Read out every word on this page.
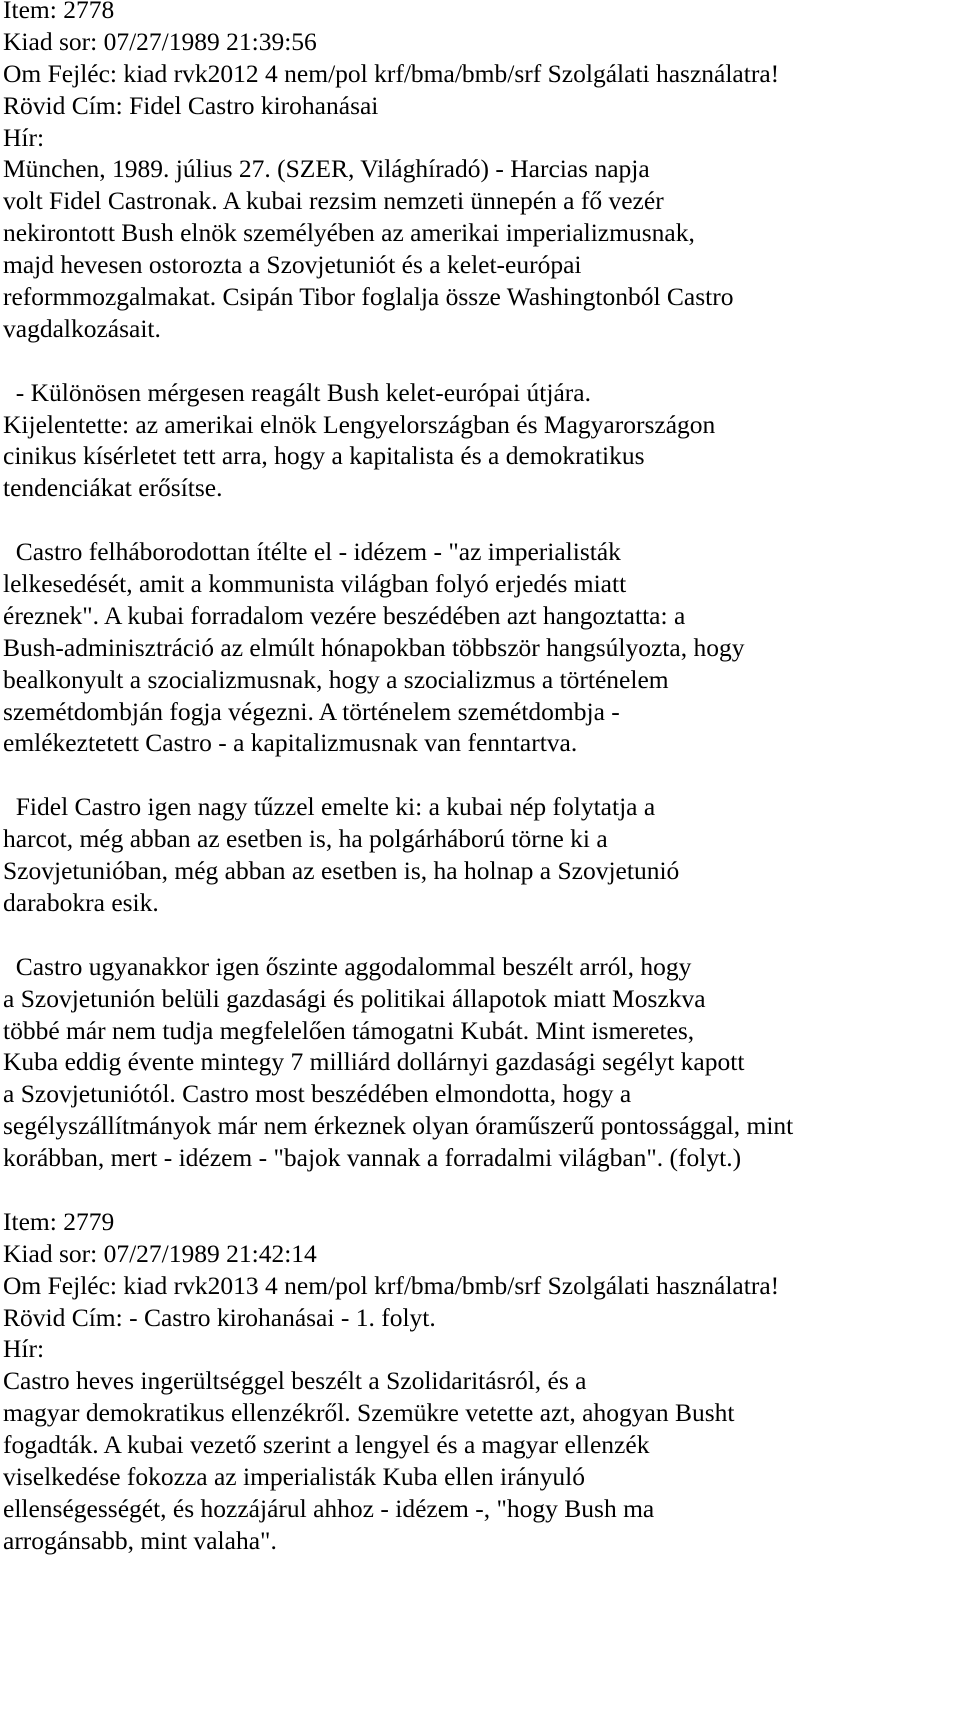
Item: 2778
Kiad sor: 07/27/1989 21:39:56
Om Fejléc: kiad rvk2012 4 nem/pol krf/bma/bmb/srf Szolgálati használatra!
Rövid Cím: Fidel Castro kirohanásai
Hír:
München, 1989. július 27. (SZER, Világhíradó) - Harcias napja
volt Fidel Castronak. A kubai rezsim nemzeti ünnepén a fő vezér
nekirontott Bush elnök személyében az amerikai imperializmusnak,
majd hevesen ostorozta a Szovjetuniót és a kelet-európai
reformmozgalmakat. Csipán Tibor foglalja össze Washingtonból Castro
vagdalkozásait.
- Különösen mérgesen reagált Bush kelet-európai útjára.
Kijelentette: az amerikai elnök Lengyelországban és Magyarországon
cinikus kísérletet tett arra, hogy a kapitalista és a demokratikus
tendenciákat erősítse.
Castro felháborodottan ítélte el - idézem - "az imperialisták
lelkesedését, amit a kommunista világban folyó erjedés miatt
éreznek". A kubai forradalom vezére beszédében azt hangoztatta: a
Bush-adminisztráció az elmúlt hónapokban többször hangsúlyozta, hogy
bealkonyult a szocializmusnak, hogy a szocializmus a történelem
szemétdombján fogja végezni. A történelem szemétdombja -
emlékeztetett Castro - a kapitalizmusnak van fenntartva.
Fidel Castro igen nagy tűzzel emelte ki: a kubai nép folytatja a
harcot, még abban az esetben is, ha polgárháború törne ki a
Szovjetunióban, még abban az esetben is, ha holnap a Szovjetunió
darabokra esik.
Castro ugyanakkor igen őszinte aggodalommal beszélt arról, hogy
a Szovjetunión belüli gazdasági és politikai állapotok miatt Moszkva
többé már nem tudja megfelelően támogatni Kubát. Mint ismeretes,
Kuba eddig évente mintegy 7 milliárd dollárnyi gazdasági segélyt kapott
a Szovjetuniótól. Castro most beszédében elmondotta, hogy a
segélyszállítmányok már nem érkeznek olyan óraműszerű pontossággal, mint
korábban, mert - idézem - "bajok vannak a forradalmi világban". (folyt.)
Item: 2779
Kiad sor: 07/27/1989 21:42:14
Om Fejléc: kiad rvk2013 4 nem/pol krf/bma/bmb/srf Szolgálati használatra!
Rövid Cím: - Castro kirohanásai - 1. folyt.
Hír:
Castro heves ingerültséggel beszélt a Szolidaritásról, és a
magyar demokratikus ellenzékről. Szemükre vetette azt, ahogyan Busht
fogadták. A kubai vezető szerint a lengyel és a magyar ellenzék
viselkedése fokozza az imperialisták Kuba ellen irányuló
ellenségességét, és hozzájárul ahhoz - idézem -, "hogy Bush ma
arrogánsabb, mint valaha".
